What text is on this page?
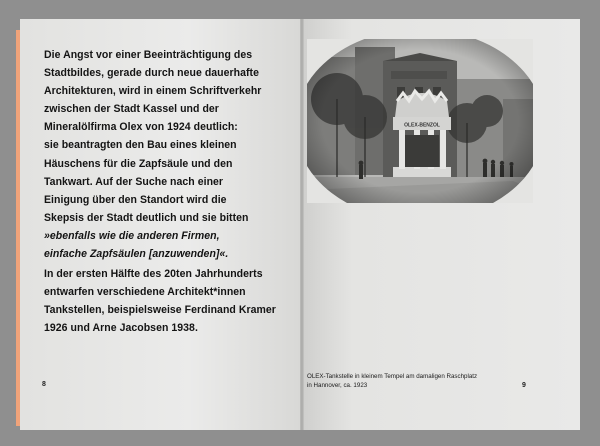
Die Angst vor einer Beeinträchtigung des
Stadtbildes, gerade durch neue dauerhafte
Architekturen, wird in einem Schriftverkehr
zwischen der Stadt Kassel und der
Mineralölfirma Olex von 1924 deutlich:
sie beantragten den Bau eines kleinen
Häuschens für die Zapfsäule und den
Tankwart. Auf der Suche nach einer
Einigung über den Standort wird die
Skepsis der Stadt deutlich und sie bitten
»ebenfalls wie die anderen Firmen,
einfache Zapfsäulen [anzuwenden]«.
In der ersten Hälfte des 20ten Jahrhunderts
entwarfen verschiedene Architekt*innen
Tankstellen, beispielsweise Ferdinand Kramer
1926 und Arne Jacobsen 1938.
8
OLEX-Tankstelle in kleinem Tempel am damaligen Raschplatz
in Hannover, ca. 1923	9
